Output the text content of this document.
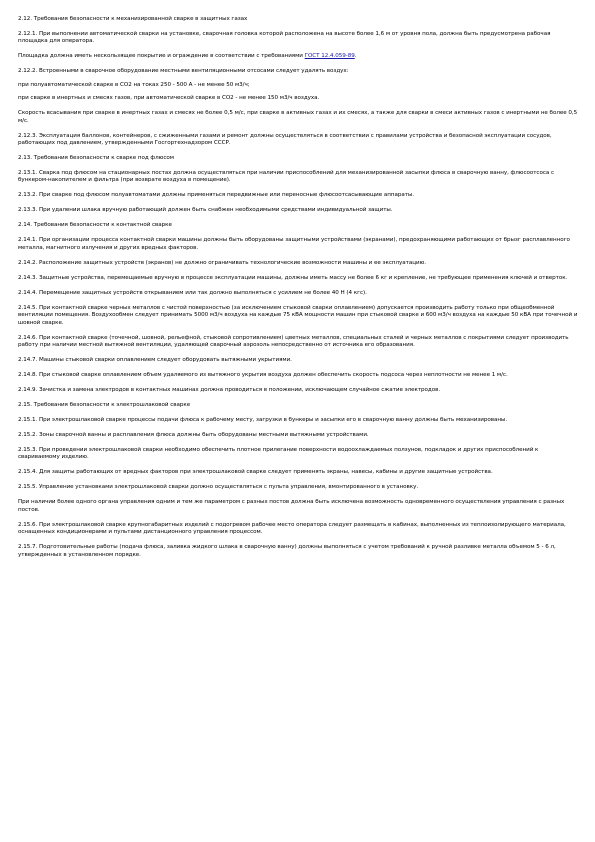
2.12. Требования безопасности к механизированной сварке в защитных газах

2.12.1. При выполнении автоматической сварки на установке, сварочная головка которой расположена на высоте более 1,6 м от уровня пола, должна быть предусмотрена рабочая площадка для оператора.

Площадка должна иметь нескользящее покрытие и ограждение в соответствии с требованиями ГОСТ 12.4.059-89.

2.12.2. Встроенными в сварочное оборудование местными вентиляционными отсосами следует удалять воздух:

при полуавтоматической сварке в CO2 на токах 250 - 500 А - не менее 50 м3/ч;

при сварке в инертных и смесях газов, при автоматической сварке в CO2 - не менее 150 м3/ч воздуха.

Скорость всасывания при сварке в инертных газах и смесях не более 0,5 м/с, при сварке в активных газах и их смесях, а также для сварки в смеси активных газов с инертными не более 0,5 м/с.

2.12.3. Эксплуатация баллонов, контейнеров, с сжиженными газами и ремонт должны осуществляться в соответствии с правилами устройства и безопасной эксплуатации сосудов, работающих под давлением, утвержденными Госгортехнадзором СССР.

2.13. Требования безопасности к сварке под флюсом

2.13.1. Сварка под флюсом на стационарных постах должна осуществляться при наличии приспособлений для механизированной засыпки флюса в сварочную ванну, флюсоотсоса с бункером-накопителем и фильтра (при возврате воздуха в помещение).

2.13.2. При сварке под флюсом полуавтоматами должны применяться передвижные или переносные флюсоотсасывающие аппараты.

2.13.3. При удалении шлака вручную работающий должен быть снабжен необходимыми средствами индивидуальной защиты.

2.14. Требования безопасности к контактной сварке

2.14.1. При организации процесса контактной сварки машины должны быть оборудованы защитными устройствами (экранами), предохраняющими работающих от брызг расплавленного металла, магнитного излучения и других вредных факторов.

2.14.2. Расположение защитных устройств (экранов) не должно ограничивать технологические возможности машины и ее эксплуатацию.

2.14.3. Защитные устройства, перемещаемые вручную в процессе эксплуатации машины, должны иметь массу не более 6 кг и крепление, не требующее применения ключей и отверток.

2.14.4. Перемещение защитных устройств открыванием или так должно выполняться с усилием не более 40 Н (4 кгс).

2.14.5. При контактной сварке черных металлов с чистой поверхностью (за исключением стыковой сварки оплавлением) допускается производить работу только при общеобменной вентиляции помещения. Воздухообмен следует принимать 5000 м3/ч воздуха на каждые 75 кВА мощности машин при стыковой сварке и 600 м3/ч воздуха на каждые 50 кВА при точечной и шовной сварке.

2.14.6. При контактной сварке (точечной, шовной, рельефной, стыковой сопротивлением) цветных металлов, специальных сталей и черных металлов с покрытиями следует производить работу при наличии местной вытяжной вентиляции, удаляющей сварочный аэрозоль непосредственно от источника его образования.

2.14.7. Машины стыковой сварки оплавлением следует оборудовать вытяжными укрытиями.

2.14.8. При стыковой сварке оплавлением объем удаляемого из вытяжного укрытия воздуха должен обеспечить скорость подсоса через неплотности не менее 1 м/с.

2.14.9. Зачистка и замена электродов в контактных машинах должна проводиться в положении, исключающем случайное сжатие электродов.

2.15. Требования безопасности к электрошлаковой сварке

2.15.1. При электрошлаковой сварке процессы подачи флюса к рабочему месту, загрузки в бункеры и засыпки его в сварочную ванну должны быть механизированы.

2.15.2. Зоны сварочной ванны и расплавления флюса должны быть оборудованы местными вытяжными устройствами.

2.15.3. При проведении электрошлаковой сварки необходимо обеспечить плотное прилегание поверхности водоохлаждаемых ползунов, подкладок и других приспособлений к свариваемому изделию.

2.15.4. Для защиты работающих от вредных факторов при электрошлаковой сварке следует применять экраны, навесы, кабины и другие защитные устройства.

2.15.5. Управление установками электрошлаковой сварки должно осуществляться с пульта управления, вмонтированного в установку.

При наличии более одного органа управления одним и тем же параметром с разных постов должна быть исключена возможность одновременного осуществления управления с разных постов.

2.15.6. При электрошлаковой сварке крупногабаритных изделий с подогревом рабочее место оператора следует размещать в кабинах, выполненных из теплоизолирующего материала, оснащенных кондиционерами и пультами дистанционного управления процессом.

2.15.7. Подготовительные работы (подача флюса, заливка жидкого шлака в сварочную ванну) должны выполняться с учетом требований к ручной разливке металла объемом 5 - 6 л, утвержденных в установленном порядке.
